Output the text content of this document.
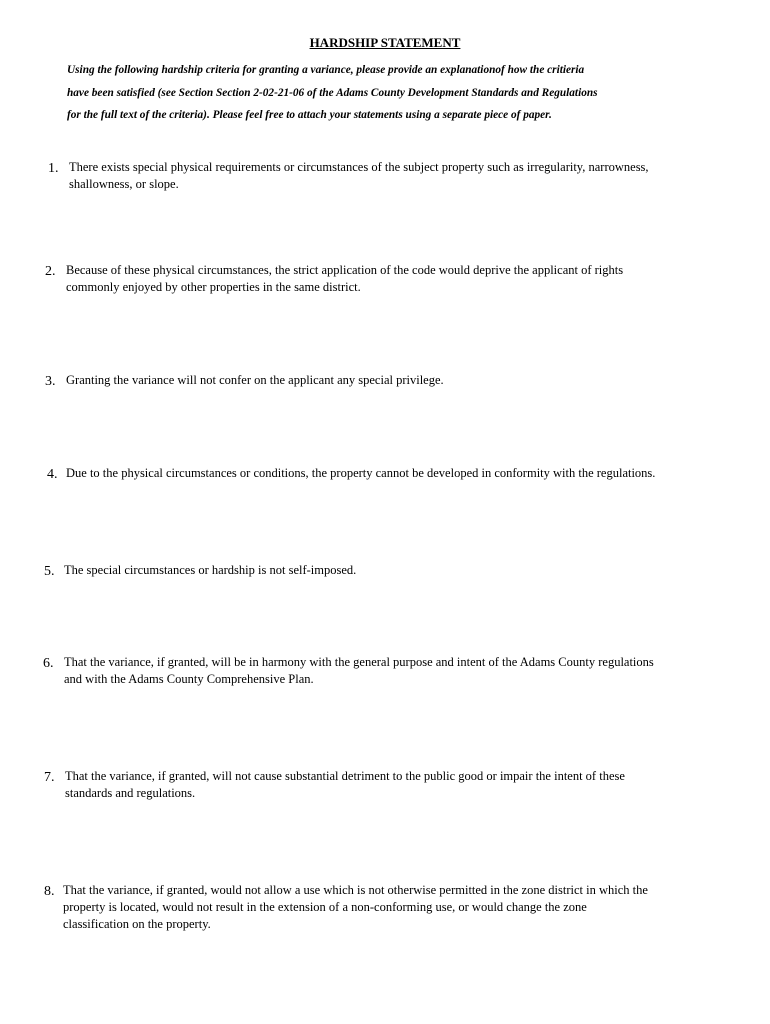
HARDSHIP STATEMENT

Using the following hardship criteria for granting a variance, please provide an explanationof how the critieria
have been satisfied (see Section Section 2-02-21-06 of the Adams County Development Standards and Regulations
for the full text of the criteria). Please feel free to attach your statements using a separate piece of paper.

1. There exists special physical requirements or circumstances of the subject property such as irregularity, narrowness,
shallowness, or slope.
2. Because of these physical circumstances, the strict application of the code would deprive the applicant of rights
commonly enjoyed by other properties in the same district.
3. Granting the variance will not confer on the applicant any special privilege.
4. Due to the physical circumstances or conditions, the property cannot be developed in conformity with the regulations.
5. The special circumstances or hardship is not self-imposed.
6. That the variance, if granted, will be in harmony with the general purpose and intent of the Adams County regulations
and with the Adams County Comprehensive Plan.
7. That the variance, if granted, will not cause substantial detriment to the public good or impair the intent of these
standards and regulations.
8. That the variance, if granted, would not allow a use which is not otherwise permitted in the zone district in which the
property is located, would not result in the extension of a non-conforming use, or would change the zone
classification on the property.
